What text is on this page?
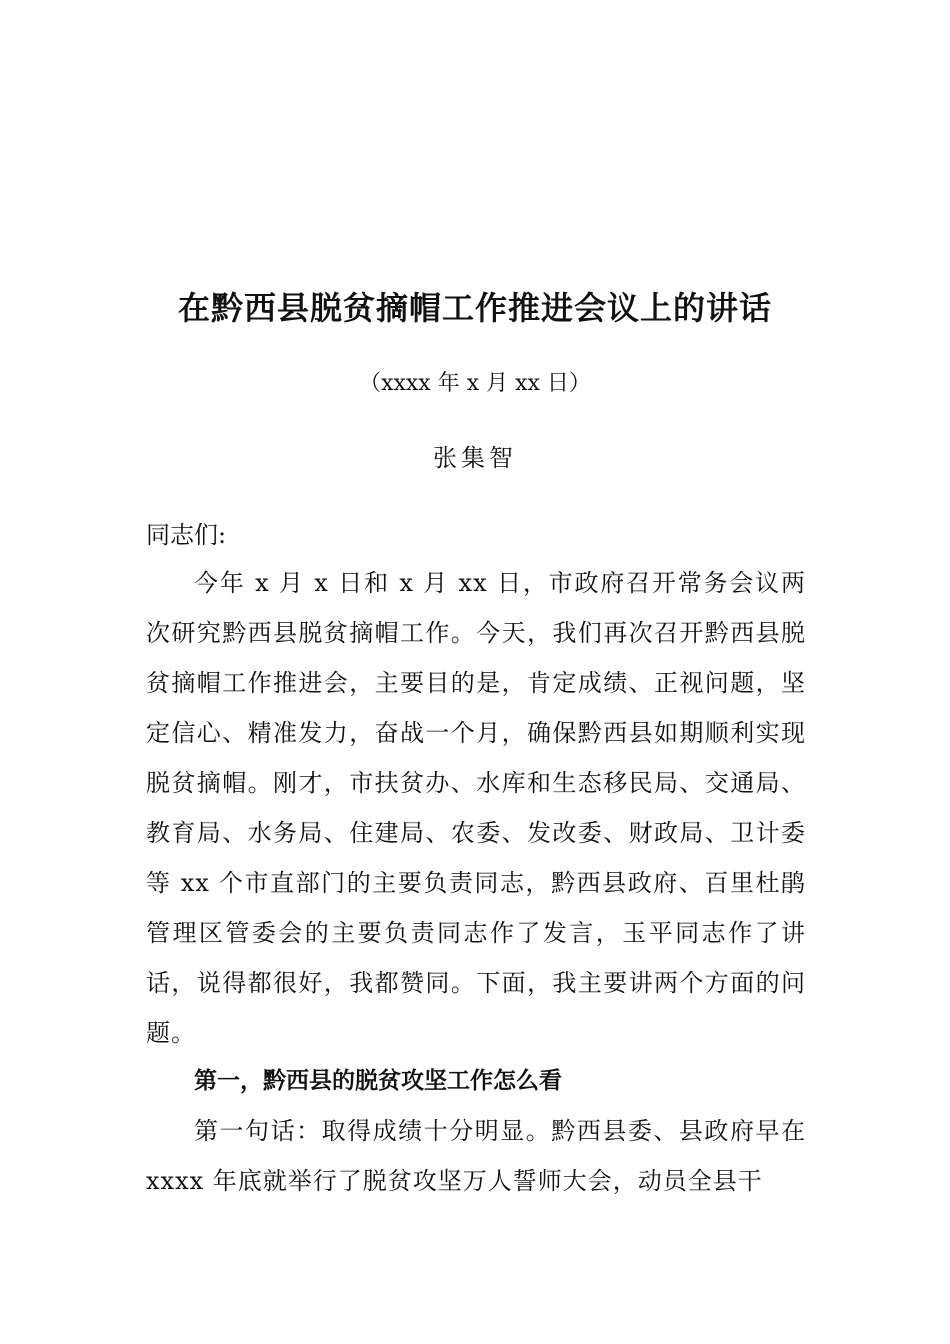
在黔西县脱贫摘帽工作推进会议上的讲话
（xxxx 年 x 月 xx 日）
张集智
同志们:
今年 x 月 x 日和 x 月 xx 日，市政府召开常务会议两次研究黔西县脱贫摘帽工作。今天，我们再次召开黔西县脱贫摘帽工作推进会，主要目的是，肯定成绩、正视问题，坚定信心、精准发力，奋战一个月，确保黔西县如期顺利实现脱贫摘帽。刚才，市扶贫办、水库和生态移民局、交通局、教育局、水务局、住建局、农委、发改委、财政局、卫计委等 xx 个市直部门的主要负责同志，黔西县政府、百里杜鹃管理区管委会的主要负责同志作了发言，玉平同志作了讲话，说得都很好，我都赞同。下面，我主要讲两个方面的问题。
第一，黔西县的脱贫攻坚工作怎么看
第一句话：取得成绩十分明显。黔西县委、县政府早在 xxxx 年底就举行了脱贫攻坚万人誓师大会，动员全县干
